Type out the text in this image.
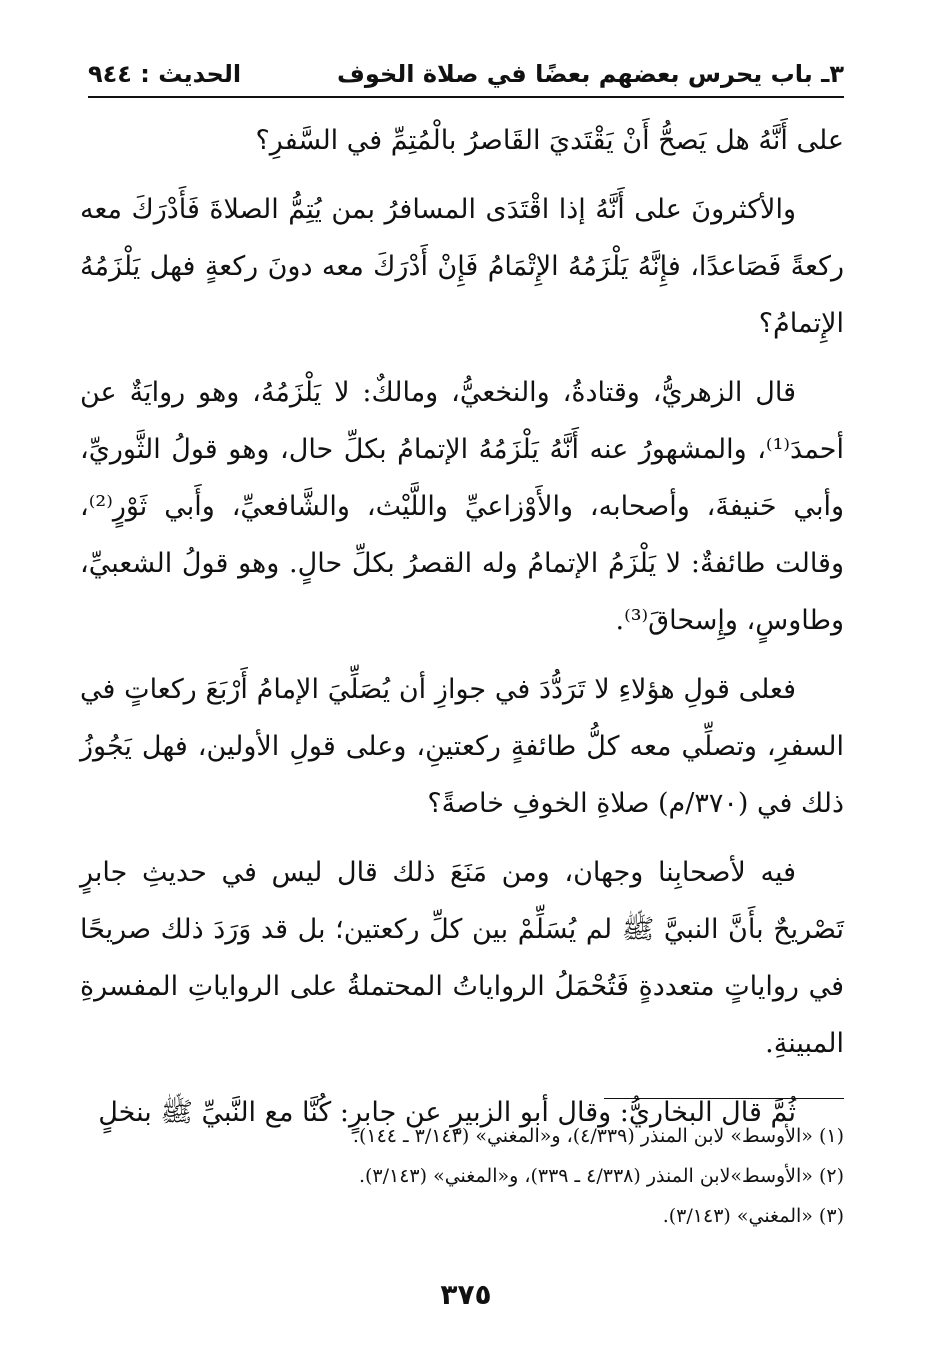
٣ـ باب يحرس بعضهم بعضًا في صلاة الخوف
الحديث : ٩٤٤

على أَنَّهُ هل يَصحُّ أَنْ يَقْتَديَ القَاصرُ بالْمُتِمِّ في السَّفرِ؟

والأكثرونَ على أَنَّهُ إذا اقْتَدَى المسافرُ بمن يُتِمُّ الصلاةَ فَأَدْرَكَ معه ركعةً فَصَاعدًا، فإِنَّهُ يَلْزَمُهُ الإِتْمَامُ فَإِنْ أَدْرَكَ معه دونَ ركعةٍ فهل يَلْزَمُهُ الإِتمامُ؟

قال الزهريُّ، وقتادةُ، والنخعيُّ، ومالكٌ: لا يَلْزَمُهُ، وهو روايَةٌ عن أحمدَ⁽¹⁾، والمشهورُ عنه أَنَّهُ يَلْزَمُهُ الإتمامُ بكلِّ حال، وهو قولُ الثَّوريِّ، وأبي حَنيفةَ، وأصحابه، والأَوْزاعيِّ واللَّيْث، والشَّافعيِّ، وأَبي ثَوْرٍ⁽²⁾، وقالت طائفةٌ: لا يَلْزَمُ الإتمامُ وله القصرُ بكلِّ حالٍ. وهو قولُ الشعبيِّ، وطاوسٍ، وإِسحاقَ⁽³⁾.

فعلى قولِ هؤلاءِ لا تَرَدُّدَ في جوازِ أن يُصَلِّيَ الإمامُ أَرْبَعَ ركعاتٍ في السفرِ، وتصلِّي معه كلُّ طائفةٍ ركعتينِ، وعلى قولِ الأولين، فهل يَجُوزُ ذلك في (٣٧٠/م) صلاةِ الخوفِ خاصةً؟

فيه لأصحابِنا وجهان، ومن مَنَعَ ذلك قال ليس في حديثِ جابرٍ تَصْريحٌ بأَنَّ النبيَّ ﷺ لم يُسَلِّمْ بين كلِّ ركعتين؛ بل قد وَرَدَ ذلك صريحًا في رواياتٍ متعددةٍ فَتُحْمَلُ الرواياتُ المحتملةُ على الرواياتِ المفسرةِ المبينةِ.

ثُمَّ قال البخاريُّ: وقال أبو الزبيرِ عن جابرٍ: كُنَّا مع النَّبيِّ ﷺ بنخلٍ

(١) «الأوسط» لابن المنذر (٤/٣٣٩)، و«المغني» (٣/١٤٣ ـ ١٤٤).
(٢) «الأوسط»لابن المنذر (٤/٣٣٨ ـ ٣٣٩)، و«المغني» (٣/١٤٣).
(٣) «المغني» (٣/١٤٣).
٣٧٥
